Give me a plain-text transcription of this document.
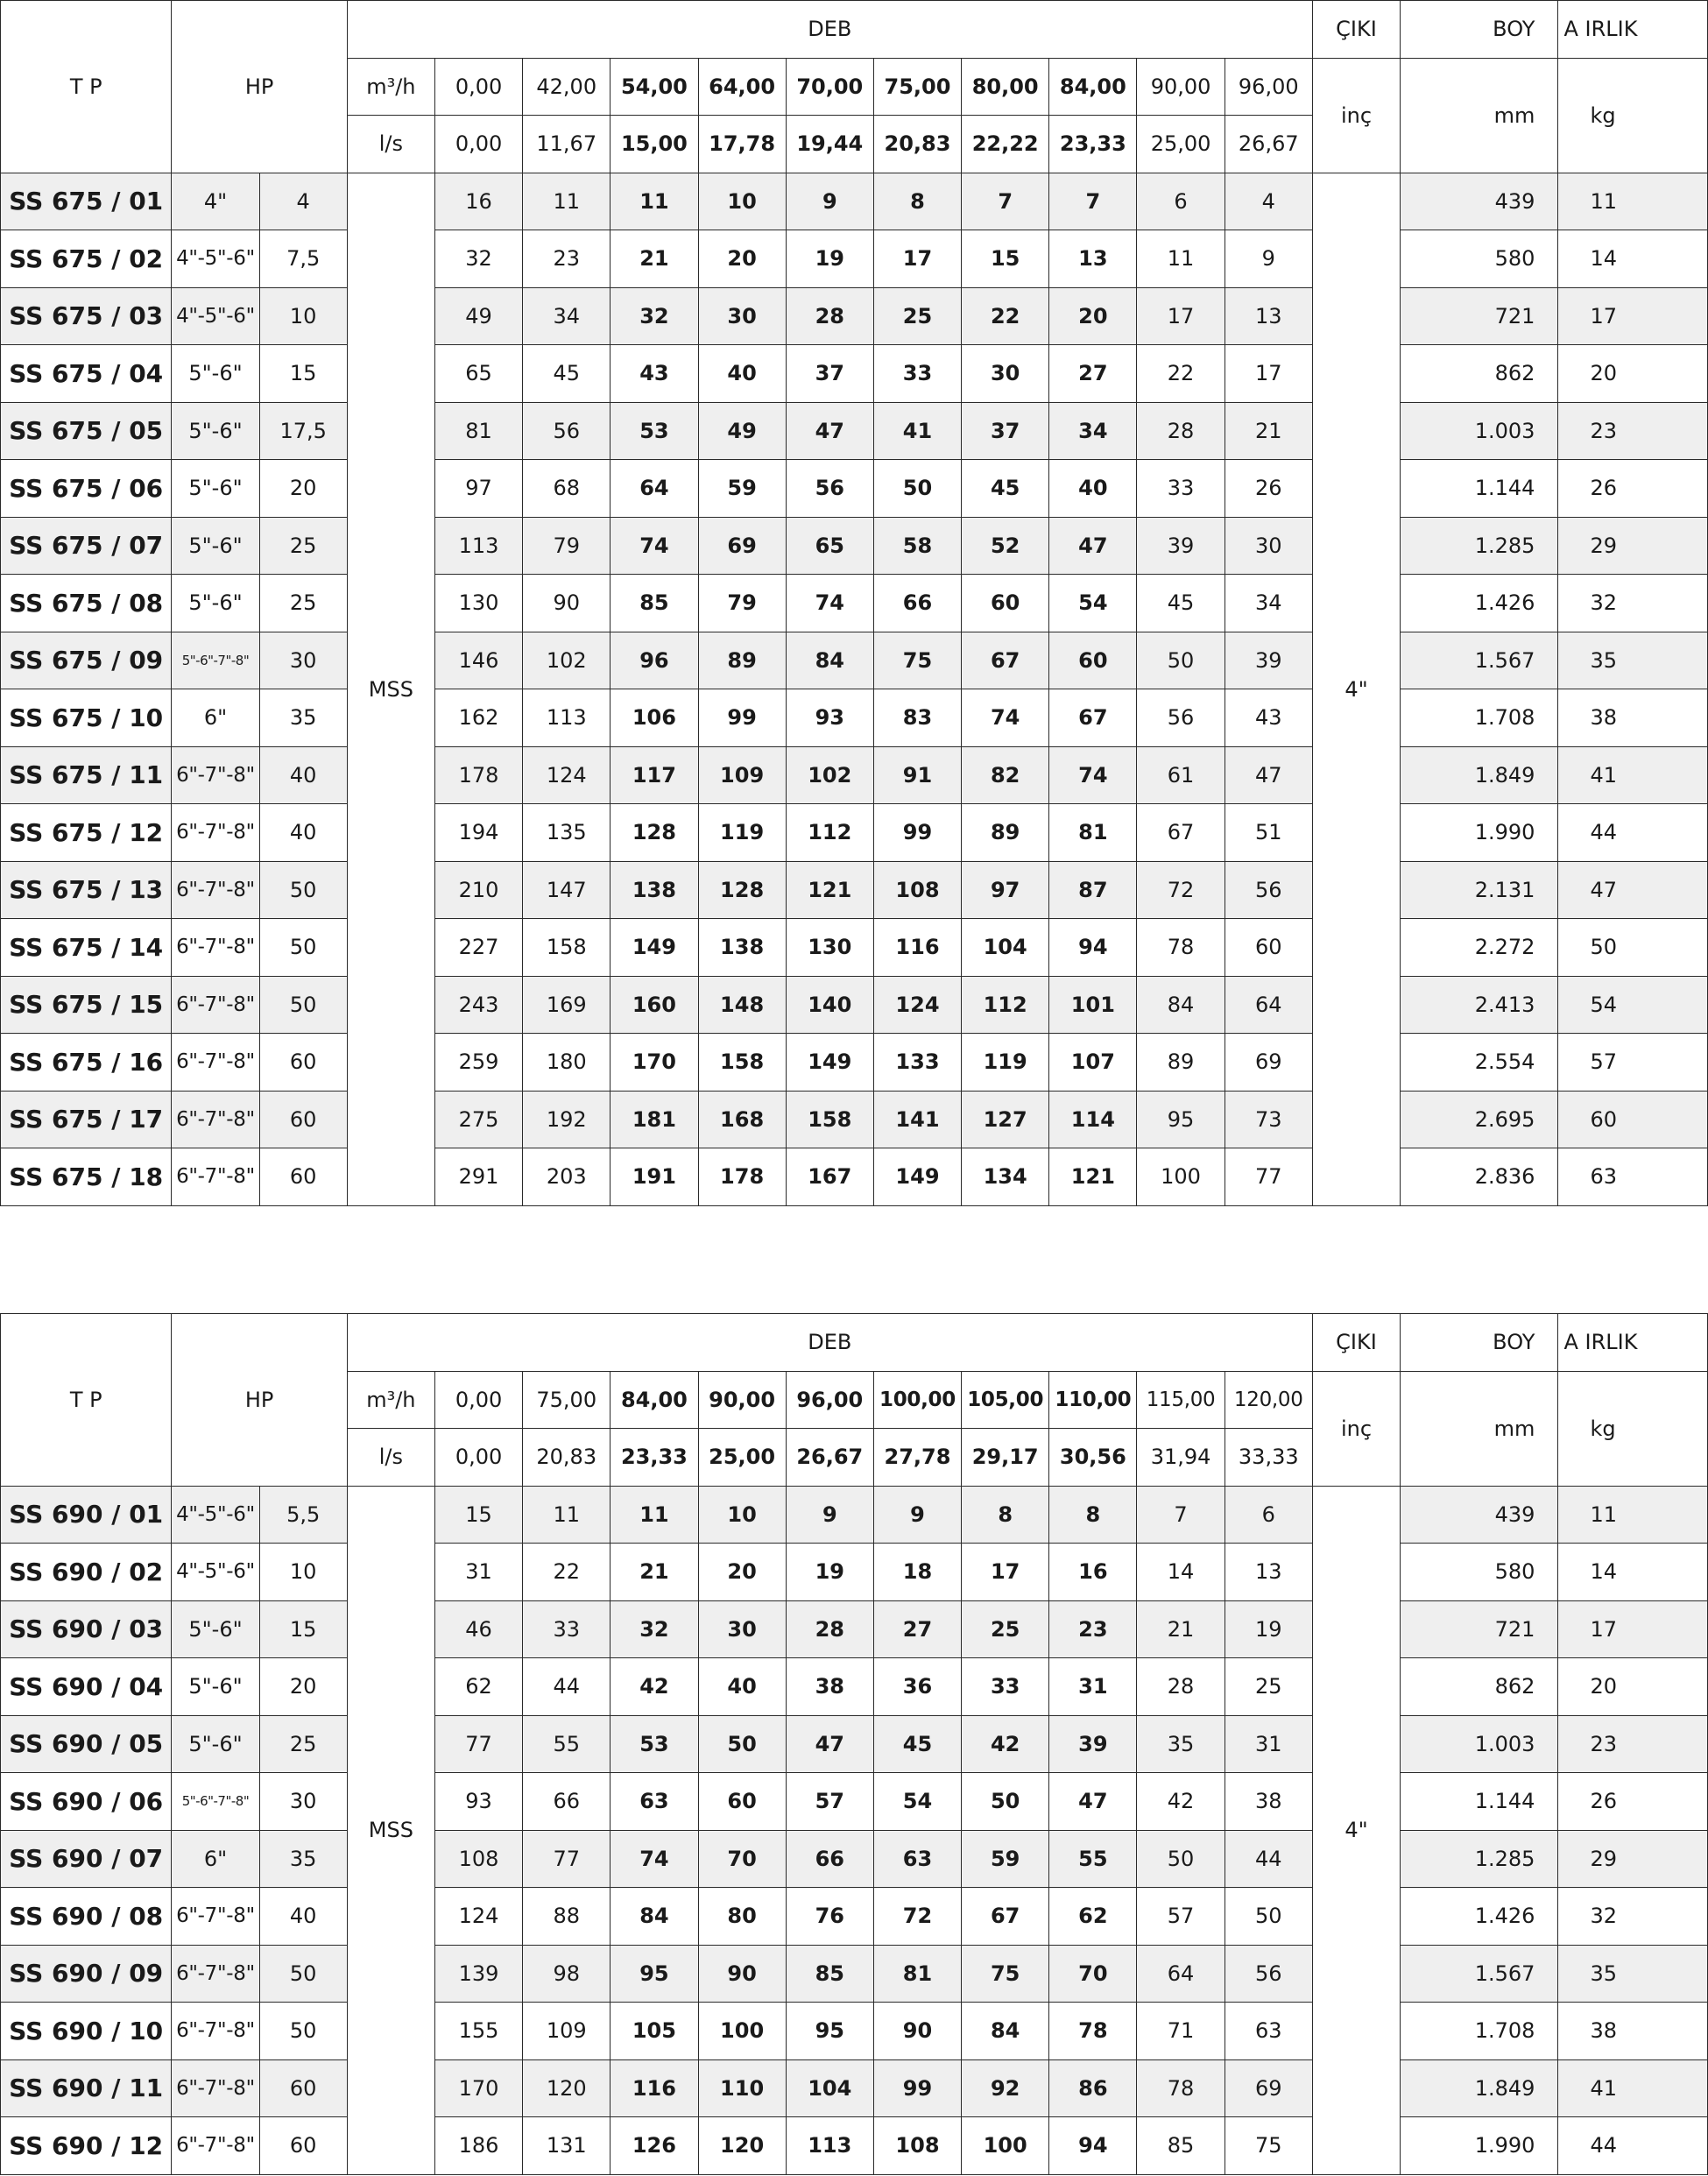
T P	HP		DEB											ÇIKI	BOY	A IRLIK
			m³/h	0,00	42,00	54,00	64,00	70,00	75,00	80,00	84,00	90,00	96,00	inç	mm	kg
			l/s	0,00	11,67	15,00	17,78	19,44	20,83	22,22	23,33	25,00	26,67			
SS 675 / 01	4"	4	MSS	16	11	11	10	9	8	7	7	6	4	4"	439	11
SS 675 / 02	4"-5"-6"	7,5		32	23	21	20	19	17	15	13	11	9		580	14
SS 675 / 03	4"-5"-6"	10		49	34	32	30	28	25	22	20	17	13		721	17
SS 675 / 04	5"-6"	15		65	45	43	40	37	33	30	27	22	17		862	20
SS 675 / 05	5"-6"	17,5		81	56	53	49	47	41	37	34	28	21		1.003	23
SS 675 / 06	5"-6"	20		97	68	64	59	56	50	45	40	33	26		1.144	26
SS 675 / 07	5"-6"	25		113	79	74	69	65	58	52	47	39	30		1.285	29
SS 675 / 08	5"-6"	25		130	90	85	79	74	66	60	54	45	34		1.426	32
SS 675 / 09	5"-6"-7"-8"	30		146	102	96	89	84	75	67	60	50	39		1.567	35
SS 675 / 10	6"	35		162	113	106	99	93	83	74	67	56	43		1.708	38
SS 675 / 11	6"-7"-8"	40		178	124	117	109	102	91	82	74	61	47		1.849	41
SS 675 / 12	6"-7"-8"	40		194	135	128	119	112	99	89	81	67	51		1.990	44
SS 675 / 13	6"-7"-8"	50		210	147	138	128	121	108	97	87	72	56		2.131	47
SS 675 / 14	6"-7"-8"	50		227	158	149	138	130	116	104	94	78	60		2.272	50
SS 675 / 15	6"-7"-8"	50		243	169	160	148	140	124	112	101	84	64		2.413	54
SS 675 / 16	6"-7"-8"	60		259	180	170	158	149	133	119	107	89	69		2.554	57
SS 675 / 17	6"-7"-8"	60		275	192	181	168	158	141	127	114	95	73		2.695	60
SS 675 / 18	6"-7"-8"	60		291	203	191	178	167	149	134	121	100	77		2.836	63
T P	HP		DEB											ÇIKI	BOY	A IRLIK
			m³/h	0,00	75,00	84,00	90,00	96,00	100,00	105,00	110,00	115,00	120,00	inç	mm	kg
			l/s	0,00	20,83	23,33	25,00	26,67	27,78	29,17	30,56	31,94	33,33			
SS 690 / 01	4"-5"-6"	5,5	MSS	15	11	11	10	9	9	8	8	7	6	4"	439	11
SS 690 / 02	4"-5"-6"	10		31	22	21	20	19	18	17	16	14	13		580	14
SS 690 / 03	5"-6"	15		46	33	32	30	28	27	25	23	21	19		721	17
SS 690 / 04	5"-6"	20		62	44	42	40	38	36	33	31	28	25		862	20
SS 690 / 05	5"-6"	25		77	55	53	50	47	45	42	39	35	31		1.003	23
SS 690 / 06	5"-6"-7"-8"	30		93	66	63	60	57	54	50	47	42	38		1.144	26
SS 690 / 07	6"	35		108	77	74	70	66	63	59	55	50	44		1.285	29
SS 690 / 08	6"-7"-8"	40		124	88	84	80	76	72	67	62	57	50		1.426	32
SS 690 / 09	6"-7"-8"	50		139	98	95	90	85	81	75	70	64	56		1.567	35
SS 690 / 10	6"-7"-8"	50		155	109	105	100	95	90	84	78	71	63		1.708	38
SS 690 / 11	6"-7"-8"	60		170	120	116	110	104	99	92	86	78	69		1.849	41
SS 690 / 12	6"-7"-8"	60		186	131	126	120	113	108	100	94	85	75		1.990	44
